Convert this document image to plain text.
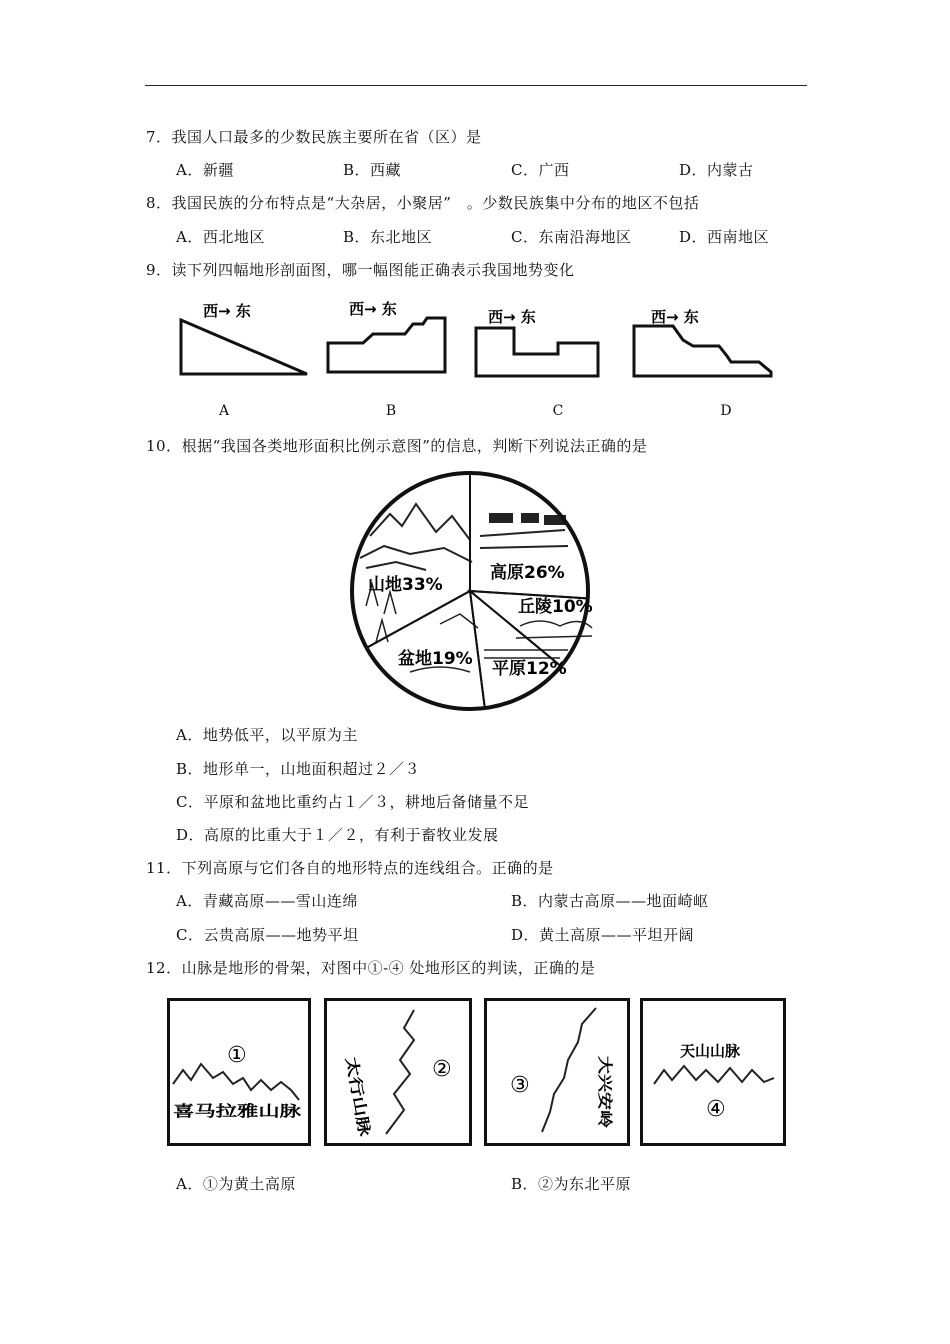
7．我国人口最多的少数民族主要所在省（区）是
A．新疆	B．西藏	C．广西	D．内蒙古
8．我国民族的分布特点是“大杂居，小聚居”　。少数民族集中分布的地区不包括
A．西北地区	B．东北地区	C．东南沿海地区	D．西南地区
9．读下列四幅地形剖面图，哪一幅图能正确表示我国地势变化
西→ 东	西→ 东	西→ 东	西→ 东
A	B	C	D
10．根据“我国各类地形面积比例示意图”的信息，判断下列说法正确的是
山地33%
高原26%
丘陵10%
平原12%
盆地19%
A．地势低平，以平原为主
B．地形单一，山地面积超过２／３
C．平原和盆地比重约占１／３，耕地后备储量不足
D．高原的比重大于１／２，有利于畜牧业发展
11．下列高原与它们各自的地形特点的连线组合。正确的是
A．青藏高原——雪山连绵	B．内蒙古高原——地面崎岖
C．云贵高原——地势平坦	D．黄土高原——平坦开阔
12．山脉是地形的骨架，对图中①-④ 处地形区的判读，正确的是
①
喜马拉雅山脉
②
太行山脉	③	大兴安岭
天山山脉
④
A．①为黄土高原	B．②为东北平原
